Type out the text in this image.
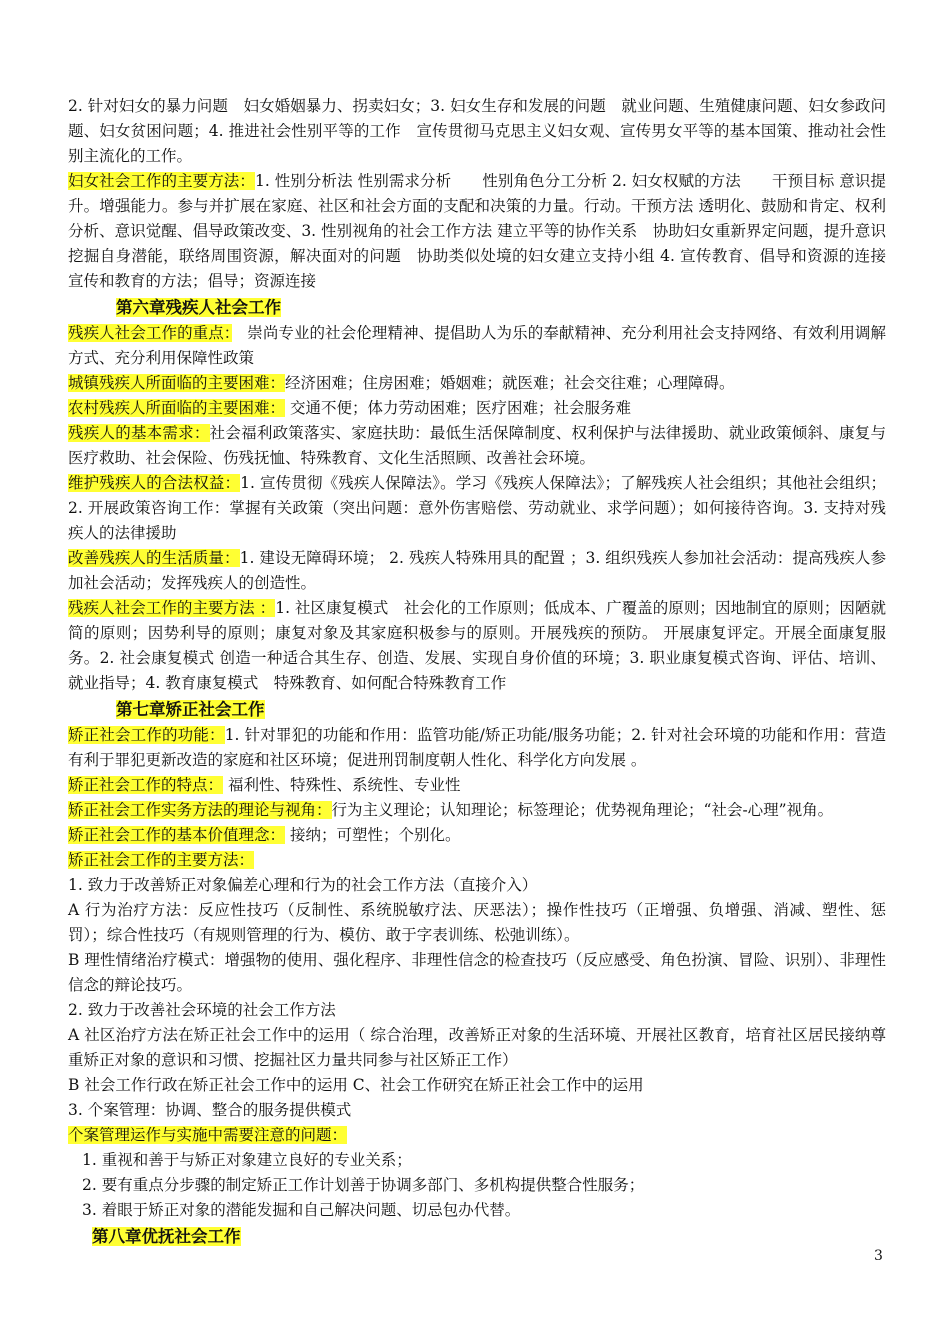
2. 针对妇女的暴力问题　妇女婚姻暴力、拐卖妇女；3. 妇女生存和发展的问题　就业问题、生殖健康问题、妇女参政问题、妇女贫困问题；4. 推进社会性别平等的工作　宣传贯彻马克思主义妇女观、宣传男女平等的基本国策、推动社会性别主流化的工作。

妇女社会工作的主要方法：1. 性别分析法 性别需求分析　　性别角色分工分析 2. 妇女权赋的方法　　干预目标 意识提升。增强能力。参与并扩展在家庭、社区和社会方面的支配和决策的力量。行动。干预方法 透明化、鼓励和肯定、权利分析、意识觉醒、倡导政策改变、3. 性别视角的社会工作方法 建立平等的协作关系　协助妇女重新界定问题，提升意识 挖掘自身潜能，联络周围资源，解决面对的问题　协助类似处境的妇女建立支持小组 4. 宣传教育、倡导和资源的连接 宣传和教育的方法；倡导；资源连接

第六章残疾人社会工作

残疾人社会工作的重点：　崇尚专业的社会伦理精神、提倡助人为乐的奉献精神、充分利用社会支持网络、有效利用调解方式、充分利用保障性政策

城镇残疾人所面临的主要困难：经济困难；住房困难；婚姻难；就医难；社会交往难；心理障碍。

农村残疾人所面临的主要困难： 交通不便；体力劳动困难；医疗困难；社会服务难

残疾人的基本需求：社会福利政策落实、家庭扶助：最低生活保障制度、权利保护与法律援助、就业政策倾斜、康复与医疗救助、社会保险、伤残抚恤、特殊教育、文化生活照顾、改善社会环境。

维护残疾人的合法权益：1. 宣传贯彻《残疾人保障法》。学习《残疾人保障法》；了解残疾人社会组织；其他社会组织；2. 开展政策咨询工作：掌握有关政策（突出问题：意外伤害赔偿、劳动就业、求学问题）；如何接待咨询。3. 支持对残疾人的法律援助

改善残疾人的生活质量：1. 建设无障碍环境； 2. 残疾人特殊用具的配置 ；3. 组织残疾人参加社会活动：提高残疾人参加社会活动；发挥残疾人的创造性。

残疾人社会工作的主要方法 ：1. 社区康复模式　社会化的工作原则；低成本、广覆盖的原则；因地制宜的原则；因陋就简的原则；因势利导的原则；康复对象及其家庭积极参与的原则。开展残疾的预防。 开展康复评定。开展全面康复服务。2. 社会康复模式 创造一种适合其生存、创造、发展、实现自身价值的环境；3. 职业康复模式咨询、评估、培训、就业指导；4. 教育康复模式　特殊教育、如何配合特殊教育工作

第七章矫正社会工作

矫正社会工作的功能：1. 针对罪犯的功能和作用：监管功能/矫正功能/服务功能；2. 针对社会环境的功能和作用：营造有利于罪犯更新改造的家庭和社区环境；促进刑罚制度朝人性化、科学化方向发展 。

矫正社会工作的特点： 福利性、特殊性、系统性、专业性

矫正社会工作实务方法的理论与视角：行为主义理论；认知理论；标签理论；优势视角理论；“社会-心理”视角。

矫正社会工作的基本价值理念： 接纳；可塑性；个别化。

矫正社会工作的主要方法：

1. 致力于改善矫正对象偏差心理和行为的社会工作方法（直接介入）

A 行为治疗方法：反应性技巧（反制性、系统脱敏疗法、厌恶法）；操作性技巧（正增强、负增强、消减、塑性、惩罚）；综合性技巧（有规则管理的行为、模仿、敢于字表训练、松弛训练）。

B 理性情绪治疗模式：增强物的使用、强化程序、非理性信念的检查技巧（反应感受、角色扮演、冒险、识别）、非理性信念的辩论技巧。

2. 致力于改善社会环境的社会工作方法

A 社区治疗方法在矫正社会工作中的运用（ 综合治理，改善矫正对象的生活环境、开展社区教育，培育社区居民接纳尊重矫正对象的意识和习惯、挖掘社区力量共同参与社区矫正工作）

B 社会工作行政在矫正社会工作中的运用 C、社会工作研究在矫正社会工作中的运用

3. 个案管理：协调、整合的服务提供模式

个案管理运作与实施中需要注意的问题：

1. 重视和善于与矫正对象建立良好的专业关系；

2. 要有重点分步骤的制定矫正工作计划善于协调多部门、多机构提供整合性服务；

3. 着眼于矫正对象的潜能发掘和自己解决问题、切忌包办代替。

第八章优抚社会工作

3
